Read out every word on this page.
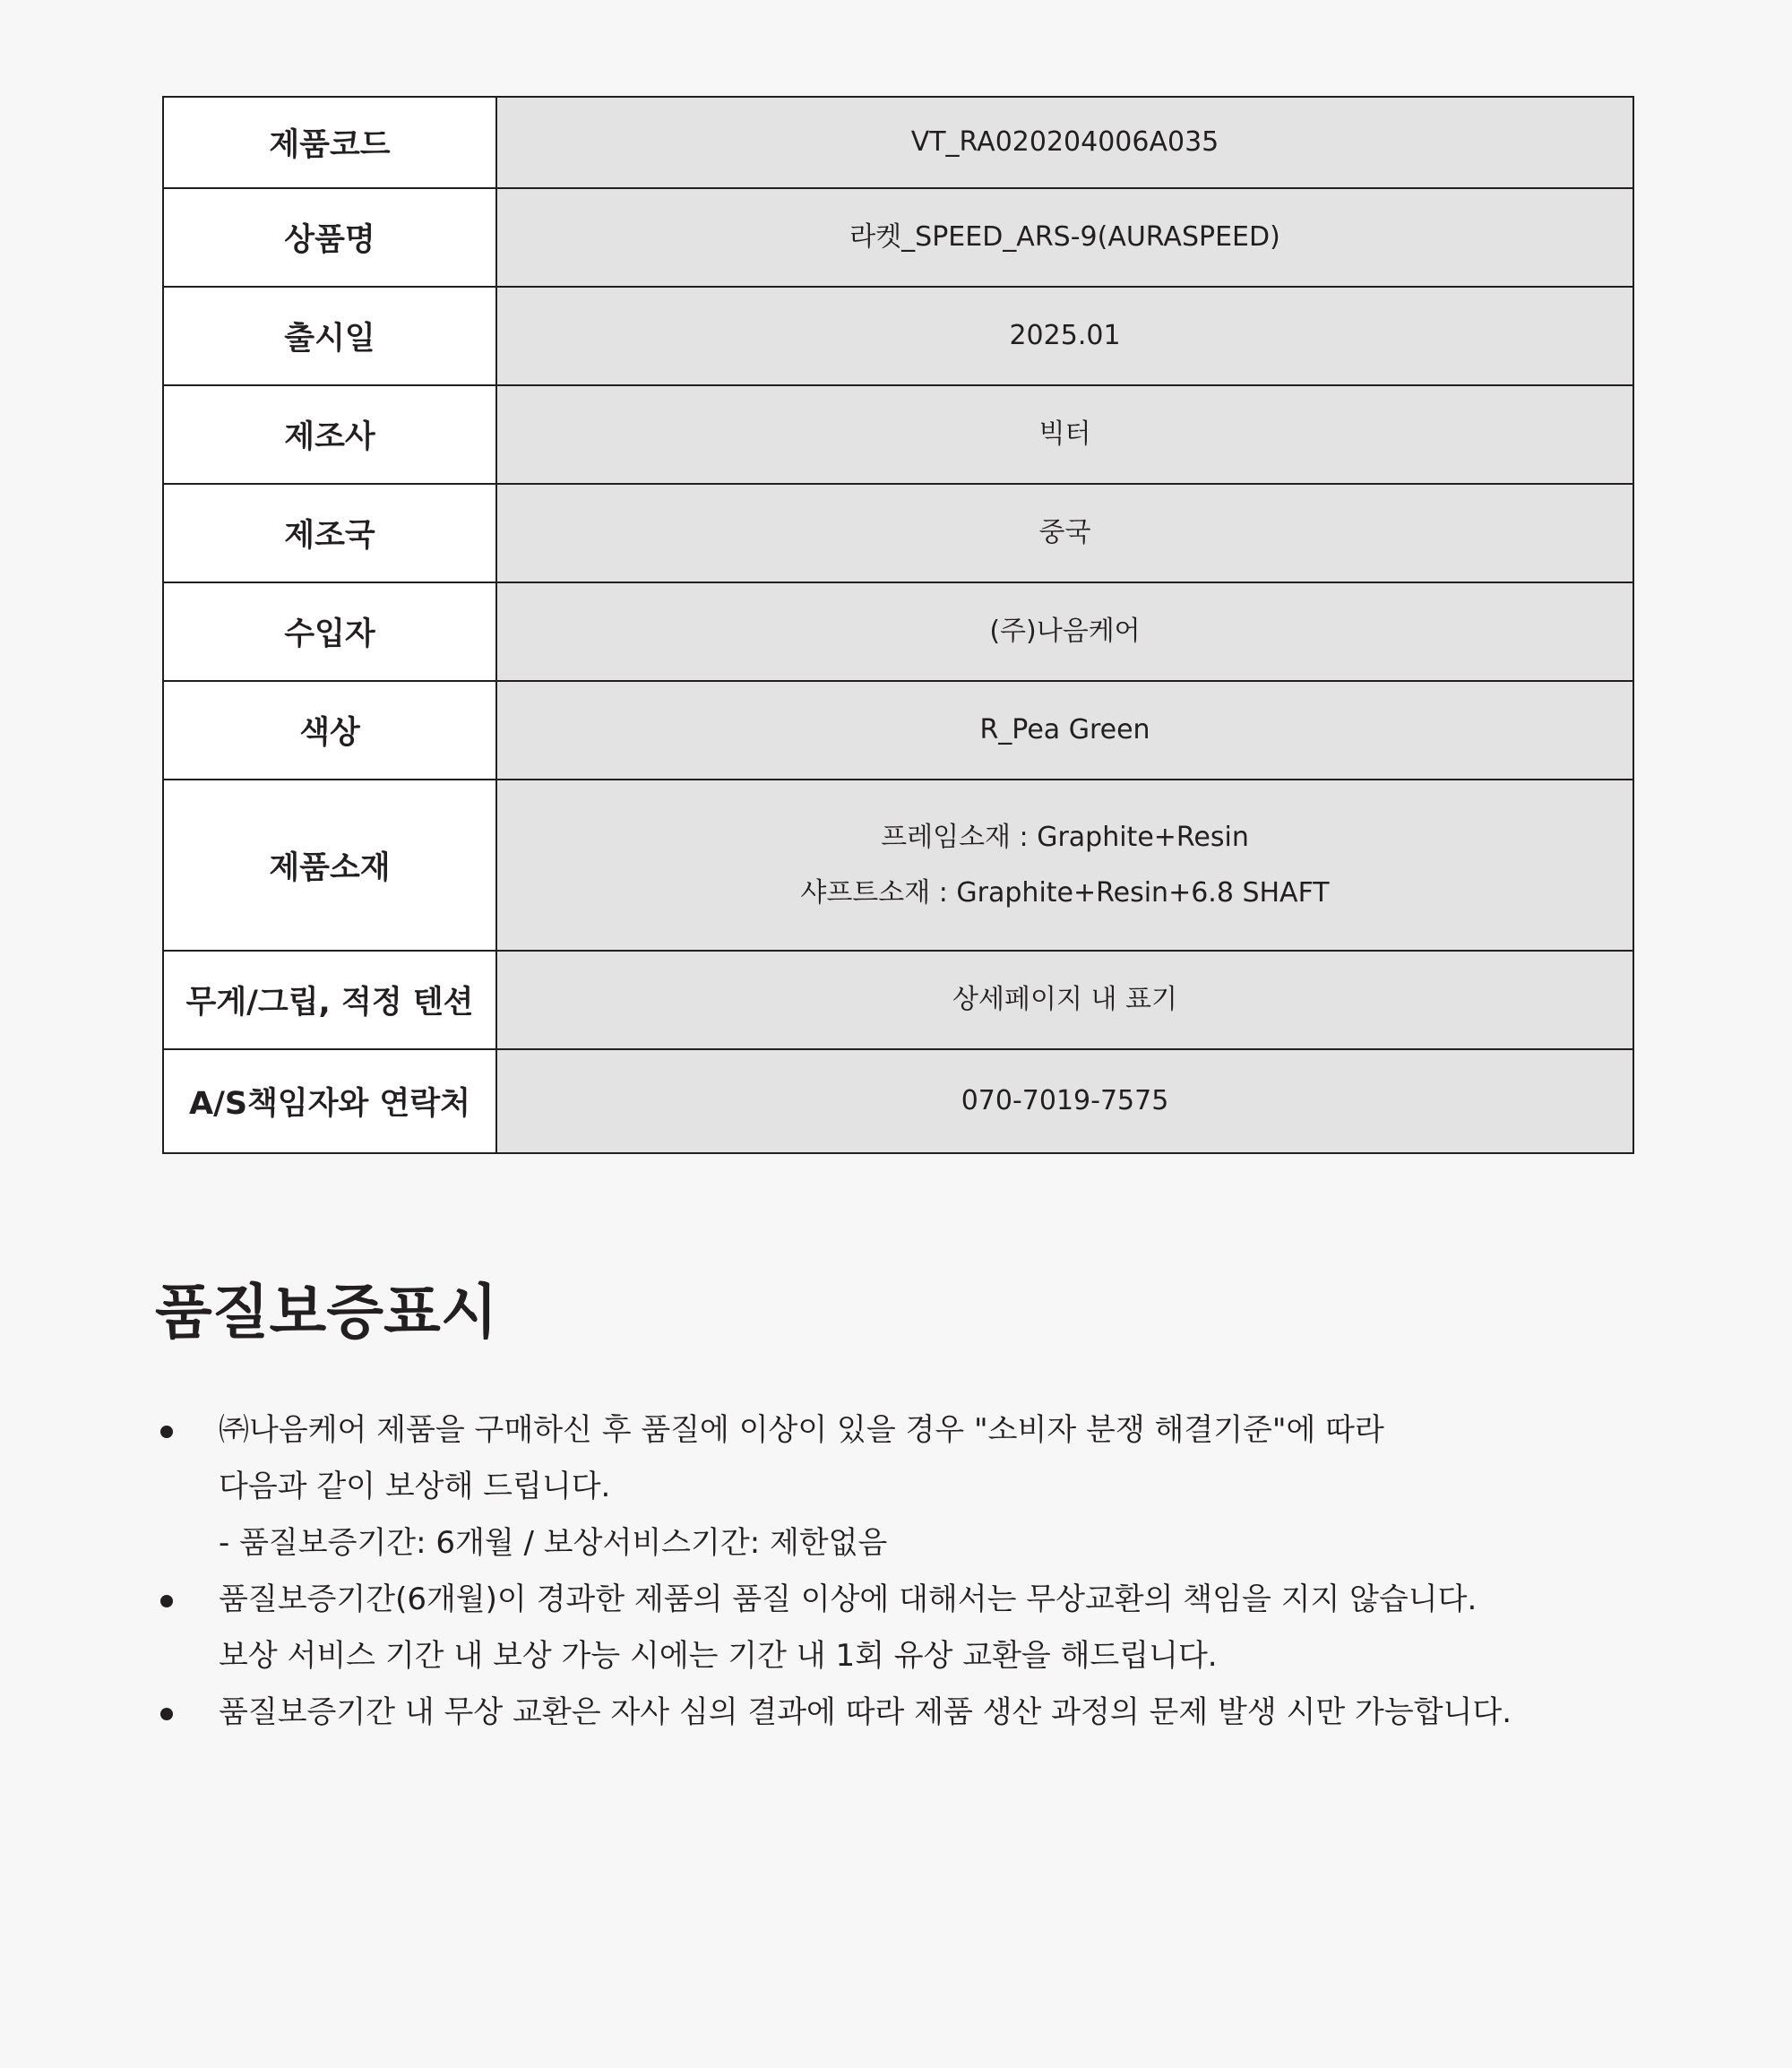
제품코드	VT_RA020204006A035

상품명	라켓_SPEED_ARS-9(AURASPEED)

출시일	2025.01

제조사	빅터

제조국	중국

수입자	(주)나음케어

색상	R_Pea Green

제품소재	프레임소재 : Graphite+Resin
샤프트소재 : Graphite+Resin+6.8 SHAFT

무게/그립, 적정 텐션	상세페이지 내 표기

A/S책임자와 연락처	070-7019-7575
품질보증표시
㈜나음케어 제품을 구매하신 후 품질에 이상이 있을 경우 "소비자 분쟁 해결기준"에 따라
다음과 같이 보상해 드립니다.
- 품질보증기간: 6개월 / 보상서비스기간: 제한없음
품질보증기간(6개월)이 경과한 제품의 품질 이상에 대해서는 무상교환의 책임을 지지 않습니다.
보상 서비스 기간 내 보상 가능 시에는 기간 내 1회 유상 교환을 해드립니다.
품질보증기간 내 무상 교환은 자사 심의 결과에 따라 제품 생산 과정의 문제 발생 시만 가능합니다.
